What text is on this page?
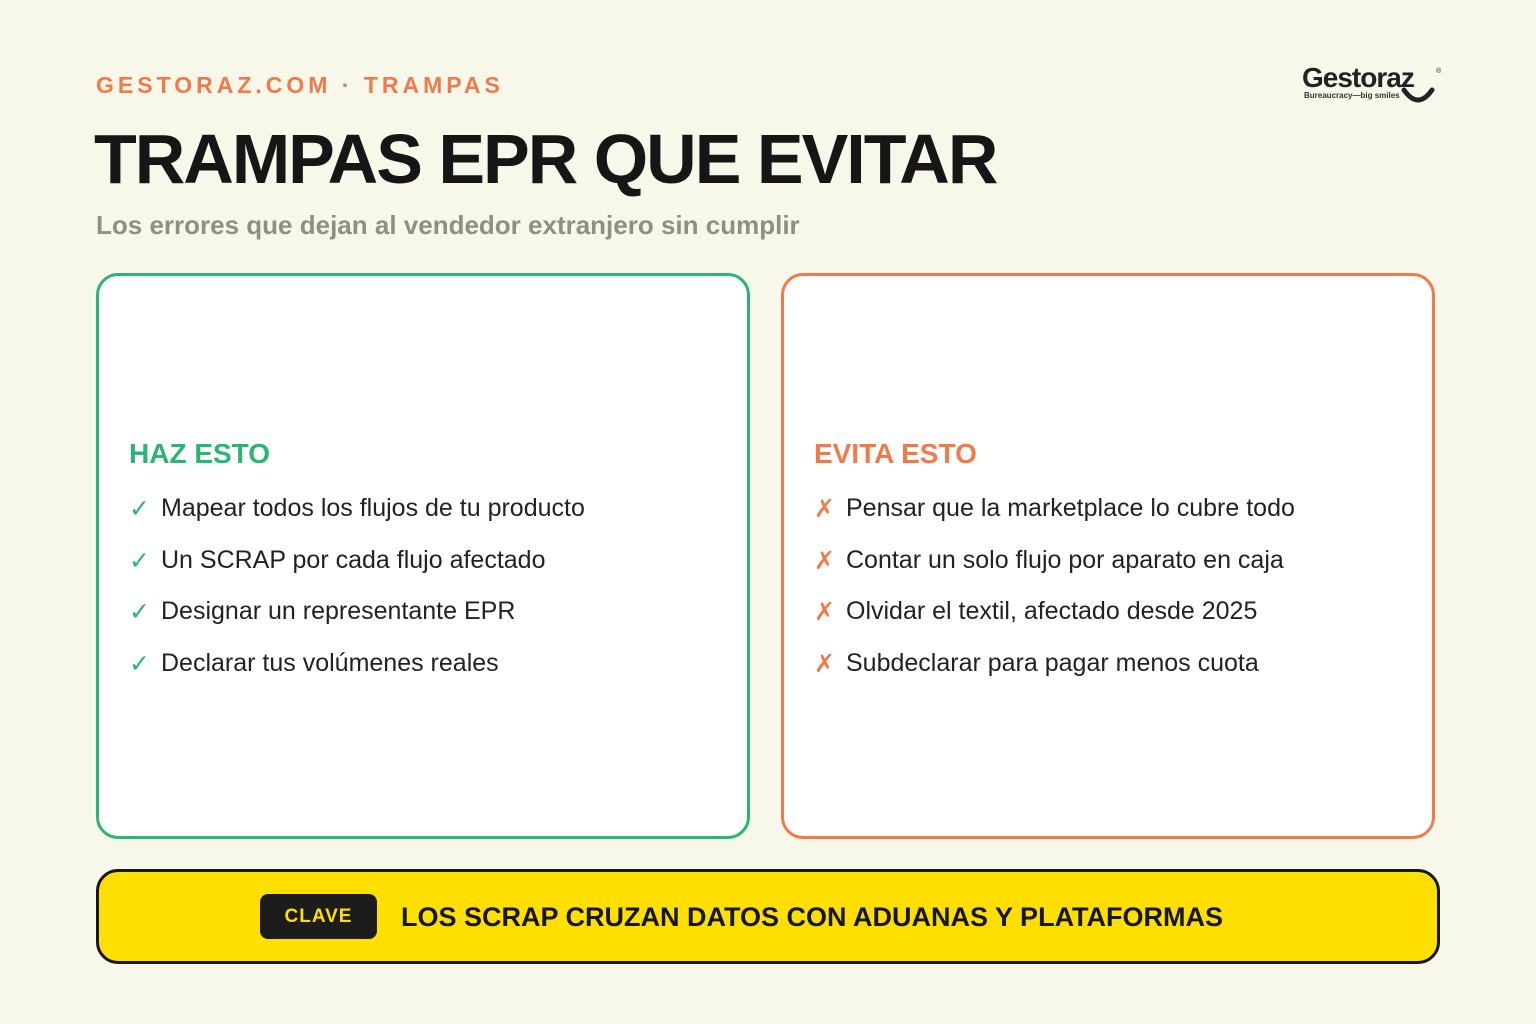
GESTORAZ.COM · TRAMPAS
TRAMPAS EPR QUE EVITAR
Los errores que dejan al vendedor extranjero sin cumplir
Gestoraz	®
Bureaucracy—big smiles
HAZ ESTO
✓ Mapear todos los flujos de tu producto
✓ Un SCRAP por cada flujo afectado
✓ Designar un representante EPR
✓ Declarar tus volúmenes reales
EVITA ESTO
✗ Pensar que la marketplace lo cubre todo
✗ Contar un solo flujo por aparato en caja
✗ Olvidar el textil, afectado desde 2025
✗ Subdeclarar para pagar menos cuota
CLAVE	LOS SCRAP CRUZAN DATOS CON ADUANAS Y PLATAFORMAS
